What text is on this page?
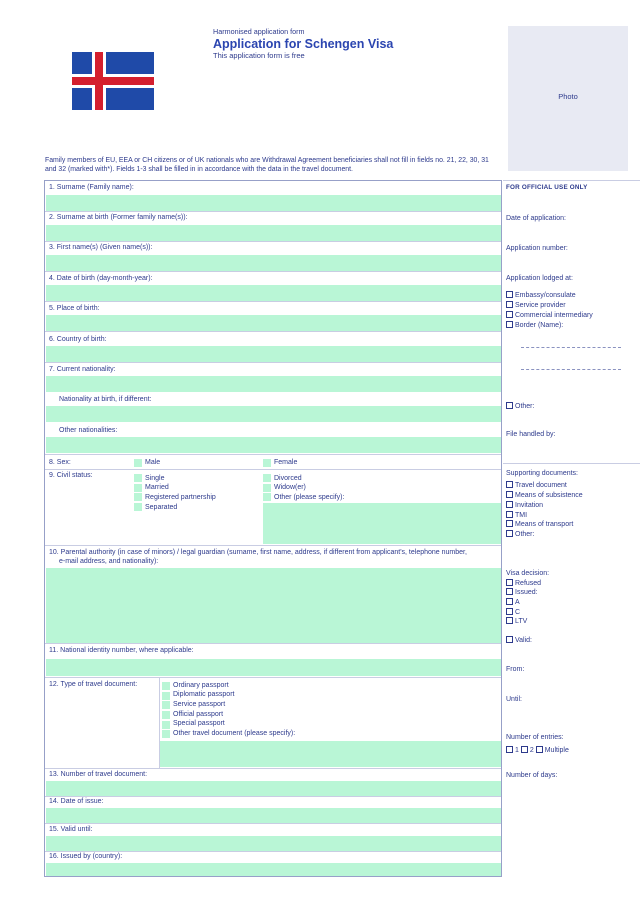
Harmonised application form
Application for Schengen Visa
This application form is free
Photo
Family members of EU, EEA or CH citizens or of UK nationals who are Withdrawal Agreement beneficiaries shall not fill in fields no. 21, 22, 30, 31 and 32 (marked with*). Fields 1-3 shall be filled in in accordance with the data in the travel document.
1. Surname (Family name):
2. Surname at birth (Former family name(s)):
3. First name(s) (Given name(s)):
4. Date of birth (day-month-year):
5. Place of birth:
6. Country of birth:
7. Current nationality:
Nationality at birth, if different:
Other nationalities:
8. Sex:	Male	Female
9. Civil status:	Single
Married
Registered partnership
Separated
Divorced
Widow(er)
Other (please specify):
10. Parental authority (in case of minors) / legal guardian (surname, first name, address, if different from applicant's, telephone number,
e-mail address, and nationality):
11. National identity number, where applicable:
12. Type of travel document:	Ordinary passport
Diplomatic passport
Service passport
Official passport
Special passport
Other travel document (please specify):
13. Number of travel document:
14. Date of issue:
15. Valid until:
16. Issued by (country):
FOR OFFICIAL USE ONLY
Date of application:
Application number:
Application lodged at:
Embassy/consulate
Service provider
Commercial intermediary
Border (Name):
Other:
File handled by:
Supporting documents:
Travel document
Means of subsistence
Invitation
TMI
Means of transport
Other:
Visa decision:
Refused
Issued:
A
C
LTV
Valid:
From:
Until:
Number of entries:
1 2 Multiple
Number of days:
